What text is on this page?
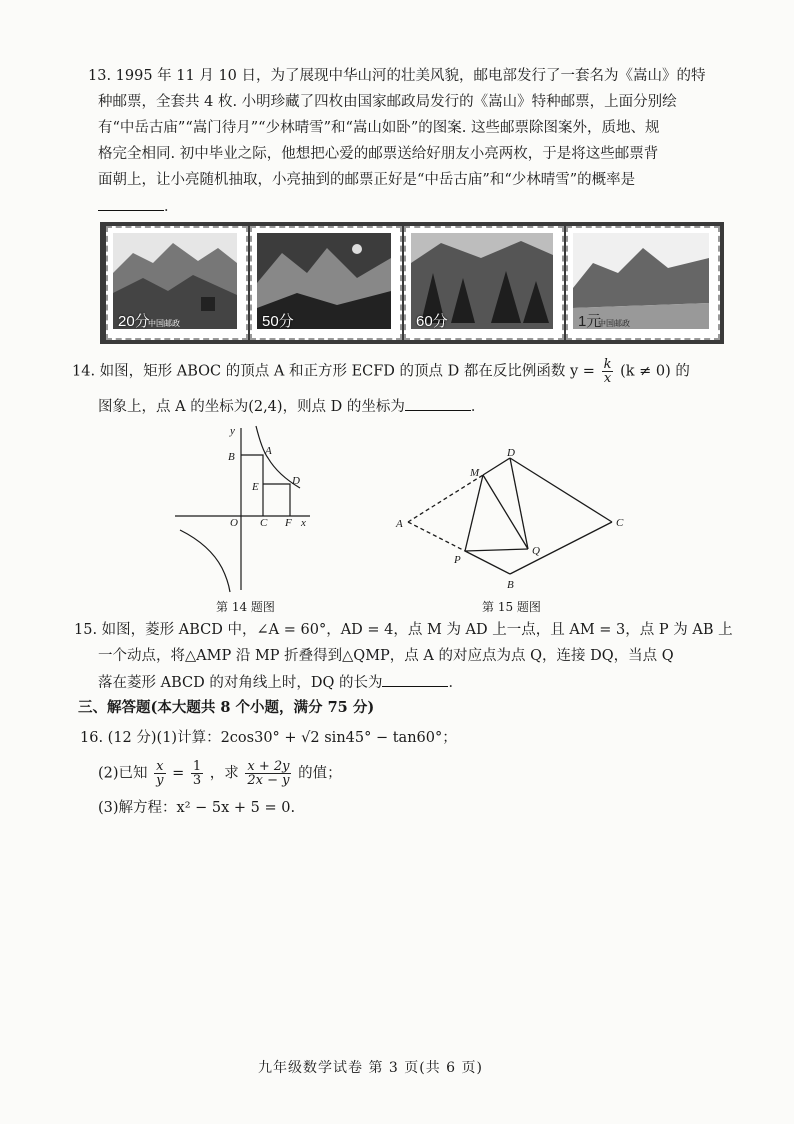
13. 1995 年 11 月 10 日，为了展现中华山河的壮美风貌，邮电部发行了一套名为《嵩山》的特
种邮票，全套共 4 枚. 小明珍藏了四枚由国家邮政局发行的《嵩山》特种邮票，上面分别绘
有“中岳古庙”“嵩门待月”“少林晴雪”和“嵩山如卧”的图案. 这些邮票除图案外，质地、规
格完全相同. 初中毕业之际，他想把心爱的邮票送给好朋友小亮两枚，于是将这些邮票背
面朝上，让小亮随机抽取，小亮抽到的邮票正好是“中岳古庙”和“少林晴雪”的概率是
．
20分
中国邮政	50分	60分	1元
中国邮政
14. 如图，矩形 ABOC 的顶点 A 和正方形 ECFD 的顶点 D 都在反比例函数 $y = \frac{k}{x} (k \ne 0)$ 的
图象上，点 A 的坐标为(2,4)，则点 D 的坐标为	．
y
x
O
B	A
E	D
C F
第 14 题图
A
M
D
C
Q
P
B
第 15 题图
15. 如图，菱形 ABCD 中，∠A = 60°，AD = 4，点 M 为 AD 上一点，且 AM = 3，点 P 为 AB 上
一个动点，将△AMP 沿 MP 折叠得到△QMP，点 A 的对应点为点 Q，连接 DQ，当点 Q
落在菱形 ABCD 的对角线上时，DQ 的长为	．
三、解答题(本大题共 8 个小题，满分 75 分)
16. (12 分)(1)计算：2cos30° + √2 sin45° − tan60°；
(2)已知 $\frac{x}{y} = \frac{1}{3}$ ，求 $\frac{x + 2y}{2x - y}$ 的值；
(3)解方程：x² − 5x + 5 = 0.
九年级数学试卷 第 3 页(共 6 页)
